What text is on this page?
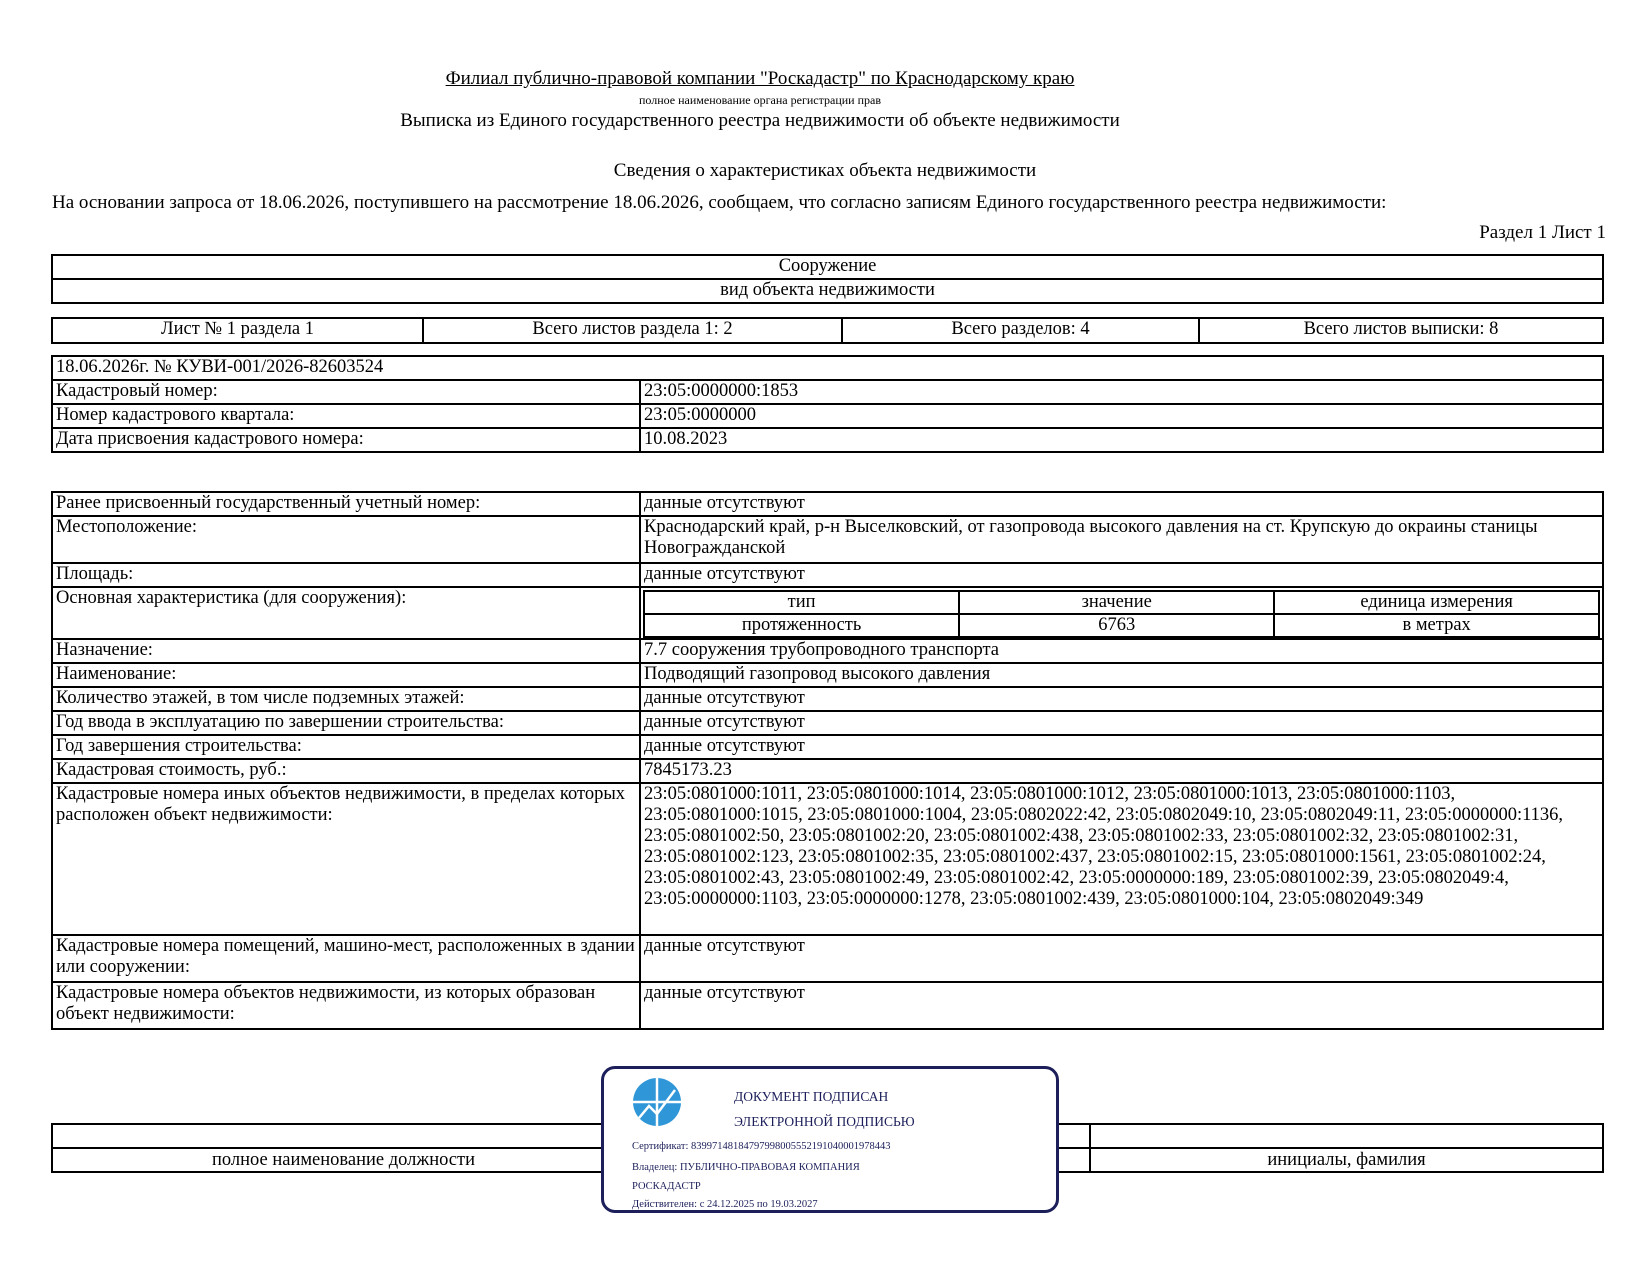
Филиал публично-правовой компании "Роскадастр" по Краснодарскому краю
полное наименование органа регистрации прав
Выписка из Единого государственного реестра недвижимости об объекте недвижимости
Сведения о характеристиках объекта недвижимости
На основании запроса от 18.06.2026, поступившего на рассмотрение 18.06.2026, сообщаем, что согласно записям Единого государственного реестра недвижимости:
Раздел 1 Лист 1
Сооружение
вид объекта недвижимости
Лист № 1 раздела 1	Всего листов раздела 1: 2	Всего разделов: 4	Всего листов выписки: 8
18.06.2026г. № КУВИ-001/2026-82603524	
Кадастровый номер:	23:05:0000000:1853
Номер кадастрового квартала:	23:05:0000000
Дата присвоения кадастрового номера:	10.08.2023
Ранее присвоенный государственный учетный номер:	данные отсутствуют
Местоположение:	Краснодарский край, р-н Выселковский, от газопровода высокого давления на ст. Крупскую до окраины станицы Новогражданской
Площадь:	данные отсутствуют
Основная характеристика (для сооружения):		тип	значение	единица измерения
протяженность	6763	в метрах

Назначение:	7.7 сооружения трубопроводного транспорта
Наименование:	Подводящий газопровод высокого давления
Количество этажей, в том числе подземных этажей:	данные отсутствуют
Год ввода в эксплуатацию по завершении строительства:	данные отсутствуют
Год завершения строительства:	данные отсутствуют
Кадастровая стоимость, руб.:	7845173.23
Кадастровые номера иных объектов недвижимости, в пределах которых расположен объект недвижимости:	23:05:0801000:1011, 23:05:0801000:1014, 23:05:0801000:1012, 23:05:0801000:1013, 23:05:0801000:1103, 23:05:0801000:1015, 23:05:0801000:1004, 23:05:0802022:42, 23:05:0802049:10, 23:05:0802049:11, 23:05:0000000:1136, 23:05:0801002:50, 23:05:0801002:20, 23:05:0801002:438, 23:05:0801002:33, 23:05:0801002:32, 23:05:0801002:31, 23:05:0801002:123, 23:05:0801002:35, 23:05:0801002:437, 23:05:0801002:15, 23:05:0801000:1561, 23:05:0801002:24, 23:05:0801002:43, 23:05:0801002:49, 23:05:0801002:42, 23:05:0000000:189, 23:05:0801002:39, 23:05:0802049:4, 23:05:0000000:1103, 23:05:0000000:1278, 23:05:0801002:439, 23:05:0801000:104, 23:05:0802049:349
Кадастровые номера помещений, машино-мест, расположенных в здании или сооружении:	данные отсутствуют
Кадастровые номера объектов недвижимости, из которых образован объект недвижимости:	данные отсутствуют

полное наименование должности		инициалы, фамилия
ДОКУМЕНТ ПОДПИСАН
ЭЛЕКТРОННОЙ ПОДПИСЬЮ
Сертификат: 8399714818479799800555219104000197844​3
Владелец: ПУБЛИЧНО-ПРАВОВАЯ КОМПАНИЯ
РОСКАДАСТР
Действителен: с 24.12.2025 по 19.03.2027
